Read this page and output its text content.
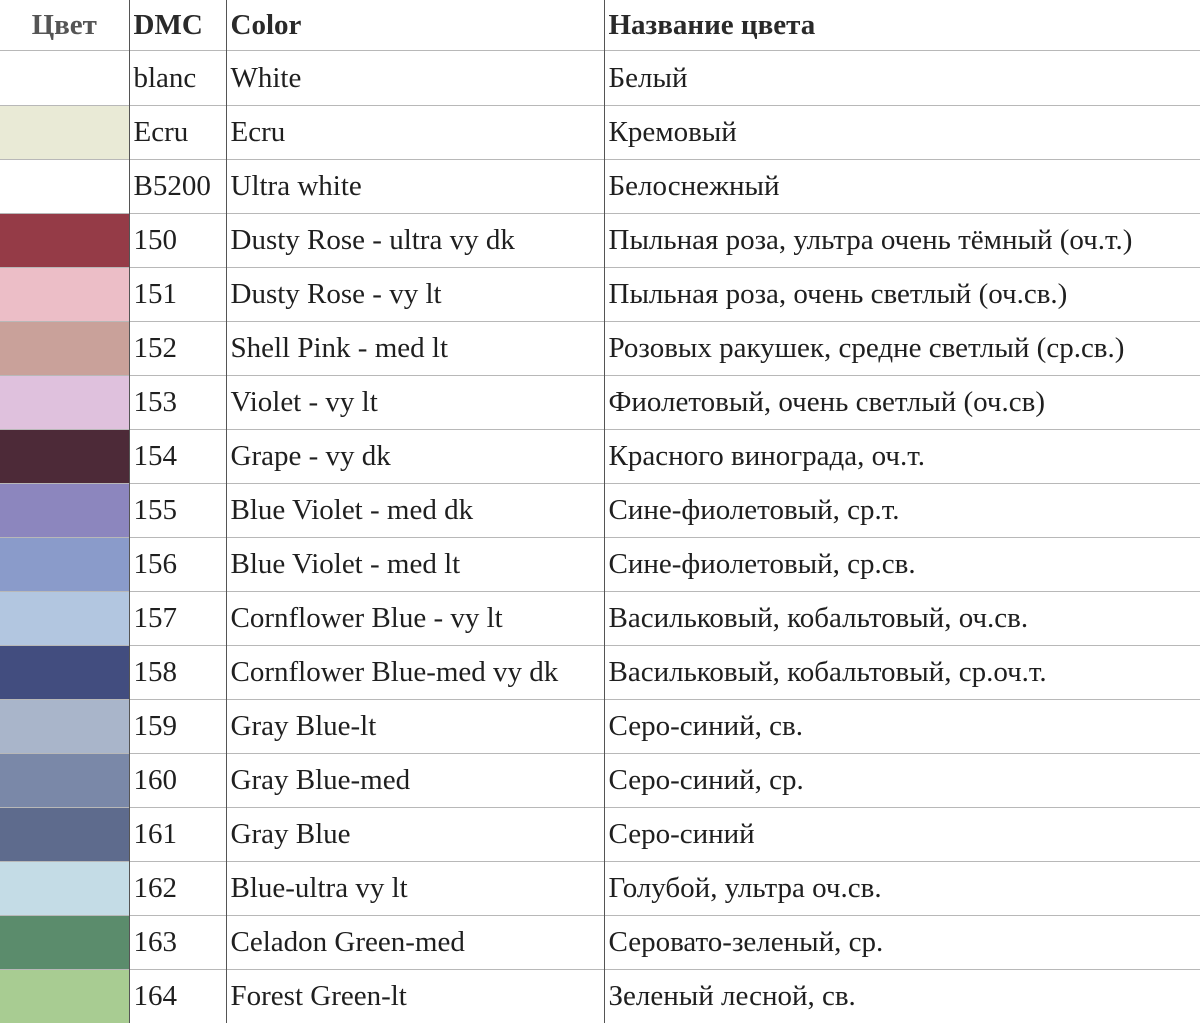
Цвет	DMC	Color	Название цвета
	blanc	White	Белый
	Ecru	Ecru	Кремовый
	B5200	Ultra white	Белоснежный
	150	Dusty Rose - ultra vy dk	Пыльная роза, ультра очень тёмный (оч.т.)
	151	Dusty Rose - vy lt	Пыльная роза, очень светлый (оч.св.)
	152	Shell Pink - med lt	Розовых ракушек, средне светлый (ср.св.)
	153	Violet - vy lt	Фиолетовый, очень светлый (оч.св)
	154	Grape - vy dk	Красного винограда, оч.т.
	155	Blue Violet - med dk	Сине-фиолетовый, ср.т.
	156	Blue Violet - med lt	Сине-фиолетовый, ср.св.
	157	Cornflower Blue - vy lt	Васильковый, кобальтовый, оч.св.
	158	Cornflower Blue-med vy dk	Васильковый, кобальтовый, ср.оч.т.
	159	Gray Blue-lt	Серо-синий, св.
	160	Gray Blue-med	Серо-синий, ср.
	161	Gray Blue	Серо-синий
	162	Blue-ultra vy lt	Голубой, ультра оч.св.
	163	Celadon Green-med	Серовато-зеленый, ср.
	164	Forest Green-lt	Зеленый лесной, св.
